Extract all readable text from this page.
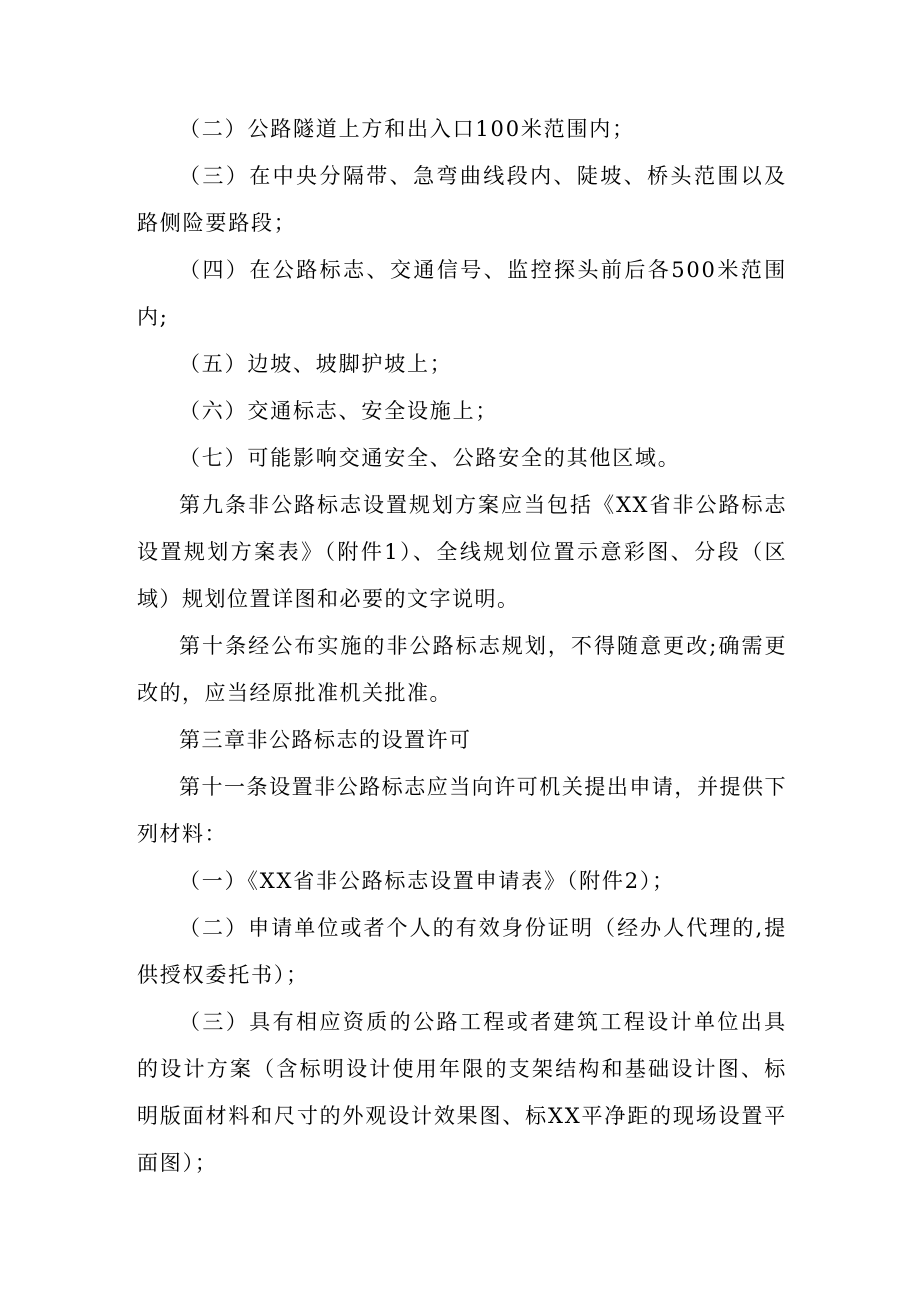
（二）公路隧道上方和出入口100米范围内；

（三）在中央分隔带、急弯曲线段内、陡坡、桥头范围以及路侧险要路段；

（四）在公路标志、交通信号、监控探头前后各500米范围内;

（五）边坡、坡脚护坡上；

（六）交通标志、安全设施上；

（七）可能影响交通安全、公路安全的其他区域。

第九条非公路标志设置规划方案应当包括《XX省非公路标志设置规划方案表》（附件1）、全线规划位置示意彩图、分段（区域）规划位置详图和必要的文字说明。

第十条经公布实施的非公路标志规划，不得随意更改;确需更改的，应当经原批准机关批准。

第三章非公路标志的设置许可

第十一条设置非公路标志应当向许可机关提出申请，并提供下列材料：

（一）《XX省非公路标志设置申请表》（附件2）；

（二）申请单位或者个人的有效身份证明（经办人代理的,提供授权委托书）；

（三）具有相应资质的公路工程或者建筑工程设计单位出具的设计方案（含标明设计使用年限的支架结构和基础设计图、标明版面材料和尺寸的外观设计效果图、标XX平净距的现场设置平面图）；
